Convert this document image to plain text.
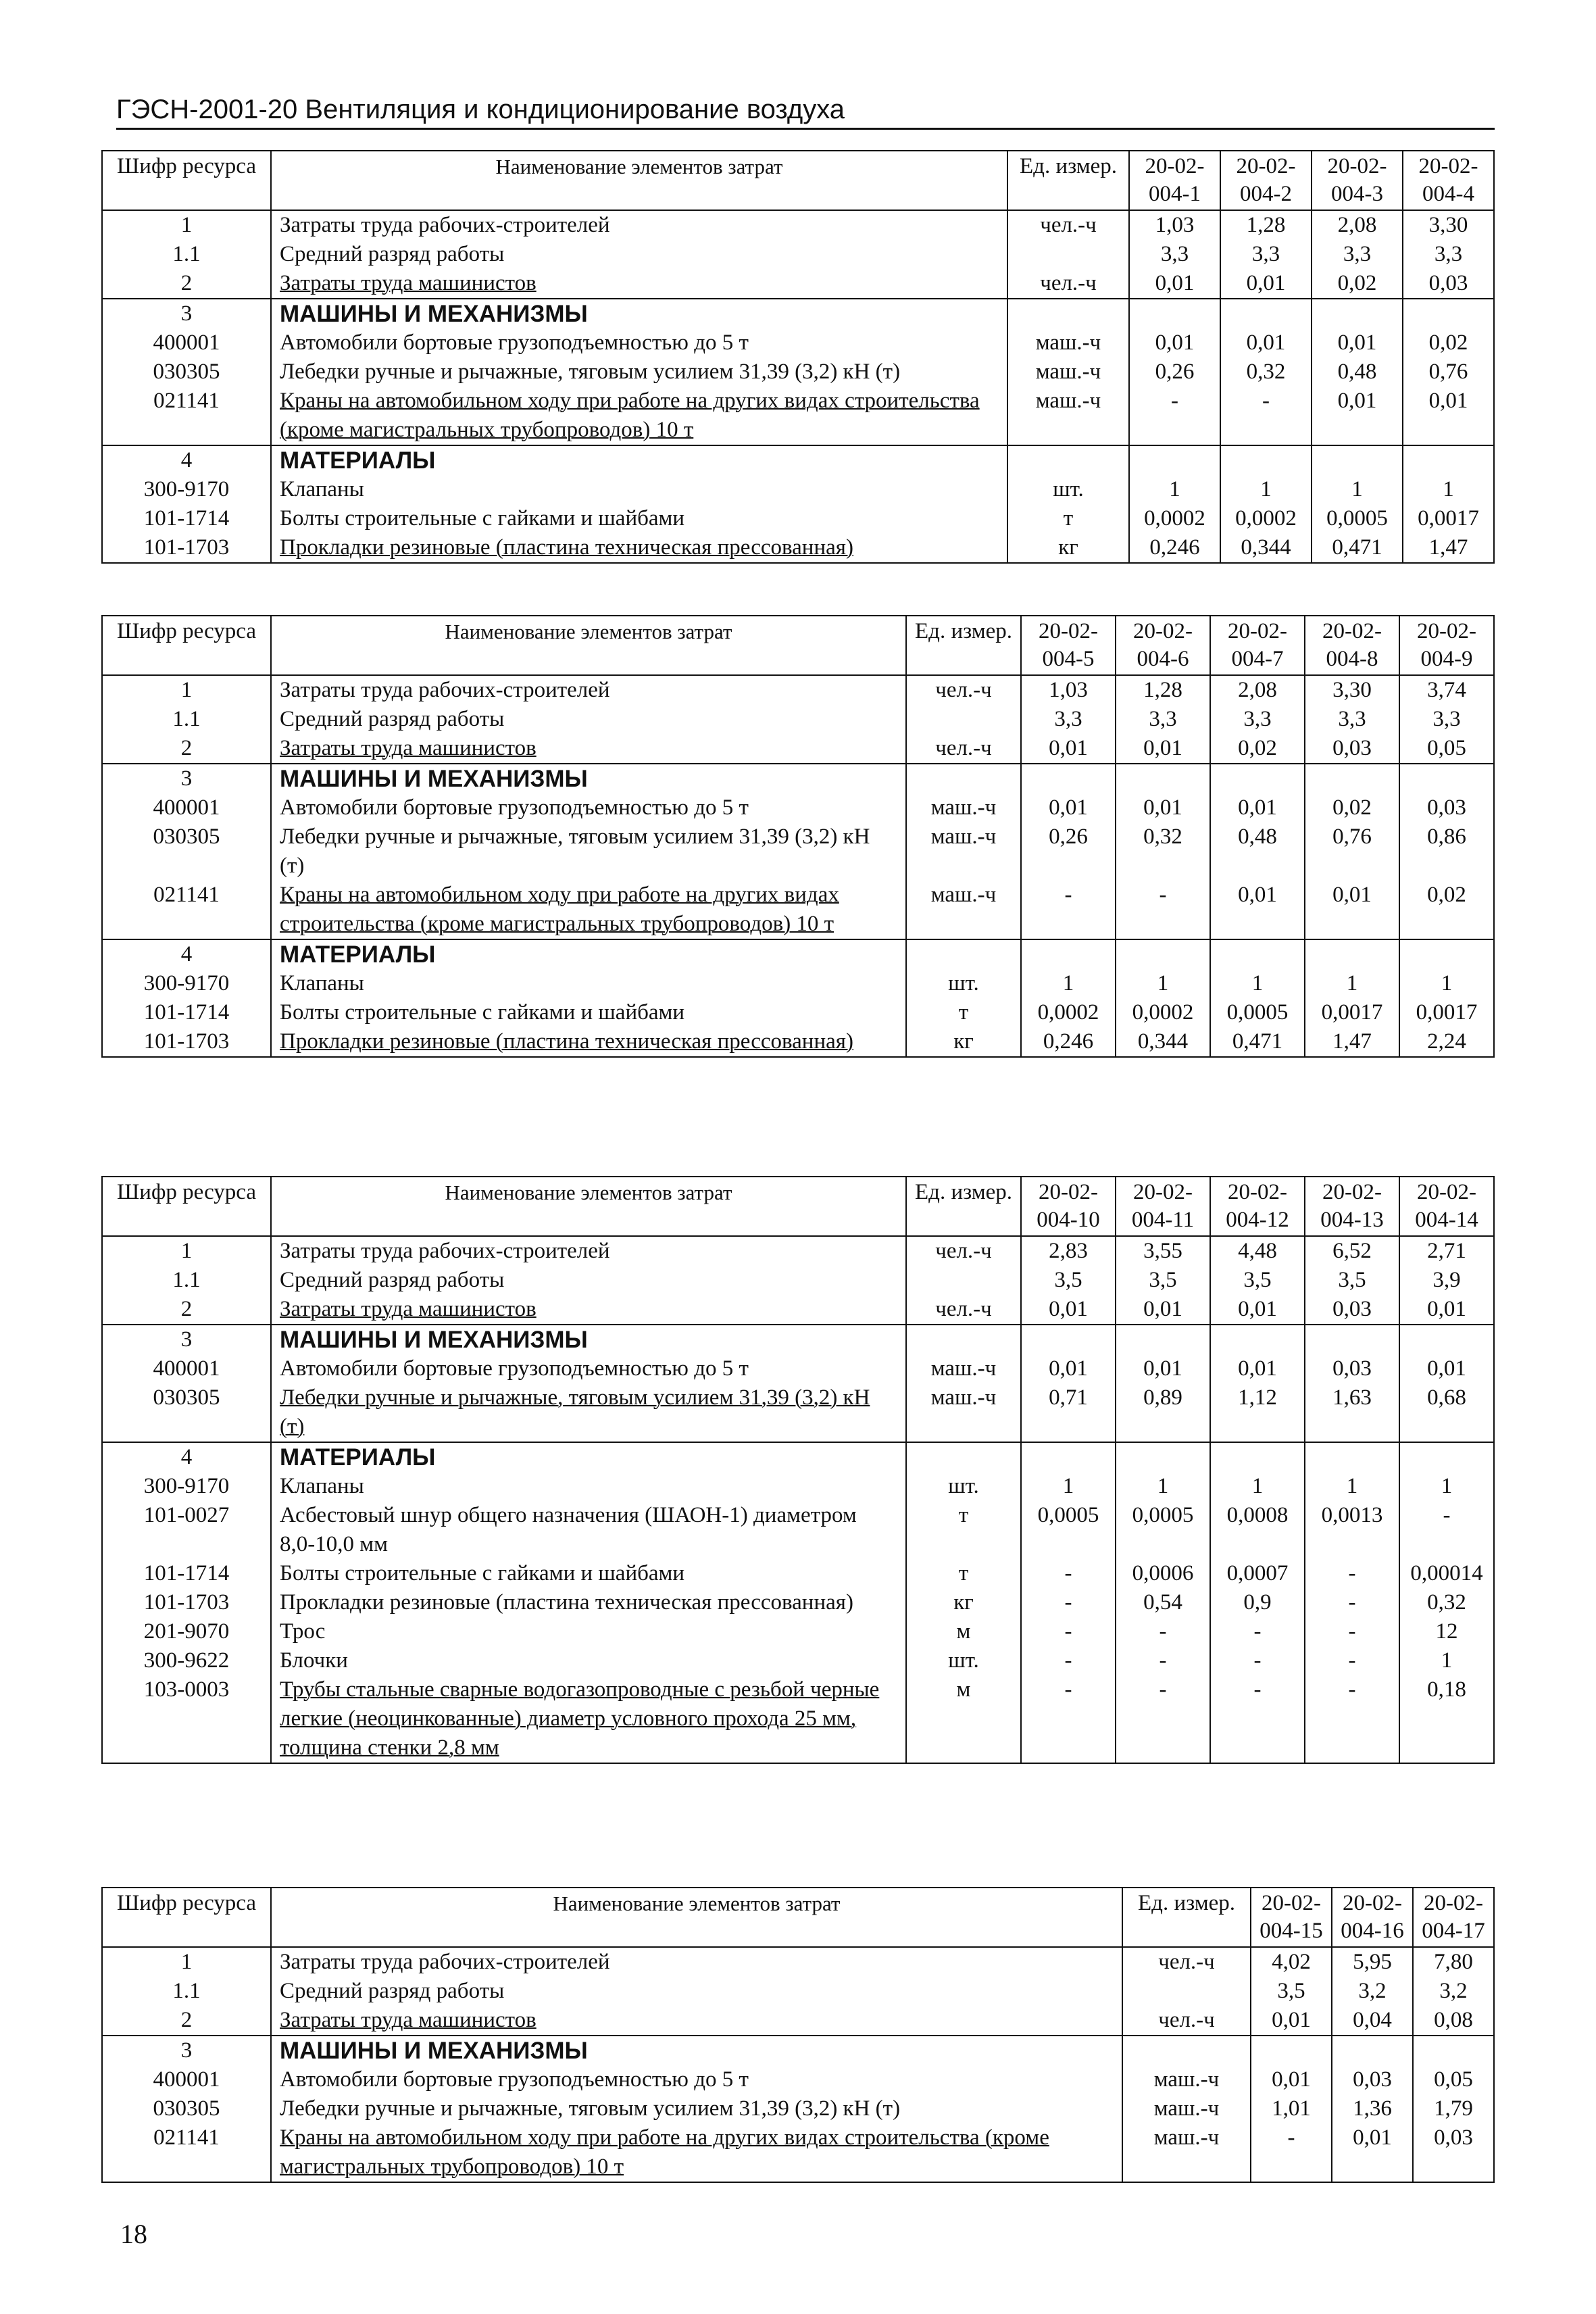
ГЭСН-2001-20 Вентиляция и кондиционирование воздуха
Шифр ресурса	Наименование элементов затрат	Ед. измер.	20-02-004-1	20-02-004-2	20-02-004-3	20-02-004-4
1	Затраты труда рабочих-строителей	чел.-ч	1,03	1,28	2,08	3,30
1.1	Средний разряд работы		3,3	3,3	3,3	3,3
2	Затраты труда машинистов	чел.-ч	0,01	0,01	0,02	0,03
3	МАШИНЫ И МЕХАНИЗМЫ					
400001	Автомобили бортовые грузоподъемностью до 5 т	маш.-ч	0,01	0,01	0,01	0,02
030305	Лебедки ручные и рычажные, тяговым усилием 31,39 (3,2) кН (т)	маш.-ч	0,26	0,32	0,48	0,76
021141	Краны на автомобильном ходу при работе на других видах строительства (кроме магистральных трубопроводов) 10 т	маш.-ч	-	-	0,01	0,01
4	МАТЕРИАЛЫ					
300-9170	Клапаны	шт.	1	1	1	1
101-1714	Болты строительные с гайками и шайбами	т	0,0002	0,0002	0,0005	0,0017
101-1703	Прокладки резиновые (пластина техническая прессованная)	кг	0,246	0,344	0,471	1,47
Шифр ресурса	Наименование элементов затрат	Ед. измер.	20-02-004-5	20-02-004-6	20-02-004-7	20-02-004-8	20-02-004-9
1	Затраты труда рабочих-строителей	чел.-ч	1,03	1,28	2,08	3,30	3,74
1.1	Средний разряд работы		3,3	3,3	3,3	3,3	3,3
2	Затраты труда машинистов	чел.-ч	0,01	0,01	0,02	0,03	0,05
3	МАШИНЫ И МЕХАНИЗМЫ						
400001	Автомобили бортовые грузоподъемностью до 5 т	маш.-ч	0,01	0,01	0,01	0,02	0,03
030305	Лебедки ручные и рычажные, тяговым усилием 31,39 (3,2) кН (т)	маш.-ч	0,26	0,32	0,48	0,76	0,86
021141	Краны на автомобильном ходу при работе на других видах строительства (кроме магистральных трубопроводов) 10 т	маш.-ч	-	-	0,01	0,01	0,02
4	МАТЕРИАЛЫ						
300-9170	Клапаны	шт.	1	1	1	1	1
101-1714	Болты строительные с гайками и шайбами	т	0,0002	0,0002	0,0005	0,0017	0,0017
101-1703	Прокладки резиновые (пластина техническая прессованная)	кг	0,246	0,344	0,471	1,47	2,24
Шифр ресурса	Наименование элементов затрат	Ед. измер.	20-02-004-10	20-02-004-11	20-02-004-12	20-02-004-13	20-02-004-14
1	Затраты труда рабочих-строителей	чел.-ч	2,83	3,55	4,48	6,52	2,71
1.1	Средний разряд работы		3,5	3,5	3,5	3,5	3,9
2	Затраты труда машинистов	чел.-ч	0,01	0,01	0,01	0,03	0,01
3	МАШИНЫ И МЕХАНИЗМЫ						
400001	Автомобили бортовые грузоподъемностью до 5 т	маш.-ч	0,01	0,01	0,01	0,03	0,01
030305	Лебедки ручные и рычажные, тяговым усилием 31,39 (3,2) кН (т)	маш.-ч	0,71	0,89	1,12	1,63	0,68
4	МАТЕРИАЛЫ						
300-9170	Клапаны	шт.	1	1	1	1	1
101-0027	Асбестовый шнур общего назначения (ШАОН-1) диаметром 8,0-10,0 мм	т	0,0005	0,0005	0,0008	0,0013	-
101-1714	Болты строительные с гайками и шайбами	т	-	0,0006	0,0007	-	0,00014
101-1703	Прокладки резиновые (пластина техническая прессованная)	кг	-	0,54	0,9	-	0,32
201-9070	Трос	м	-	-	-	-	12
300-9622	Блочки	шт.	-	-	-	-	1
103-0003	Трубы стальные сварные водогазопроводные с резьбой черные легкие (неоцинкованные) диаметр условного прохода 25 мм, толщина стенки 2,8 мм	м	-	-	-	-	0,18
Шифр ресурса	Наименование элементов затрат	Ед. измер.	20-02-004-15	20-02-004-16	20-02-004-17
1	Затраты труда рабочих-строителей	чел.-ч	4,02	5,95	7,80
1.1	Средний разряд работы		3,5	3,2	3,2
2	Затраты труда машинистов	чел.-ч	0,01	0,04	0,08
3	МАШИНЫ И МЕХАНИЗМЫ				
400001	Автомобили бортовые грузоподъемностью до 5 т	маш.-ч	0,01	0,03	0,05
030305	Лебедки ручные и рычажные, тяговым усилием 31,39 (3,2) кН (т)	маш.-ч	1,01	1,36	1,79
021141	Краны на автомобильном ходу при работе на других видах строительства (кроме магистральных трубопроводов) 10 т	маш.-ч	-	0,01	0,03
18
